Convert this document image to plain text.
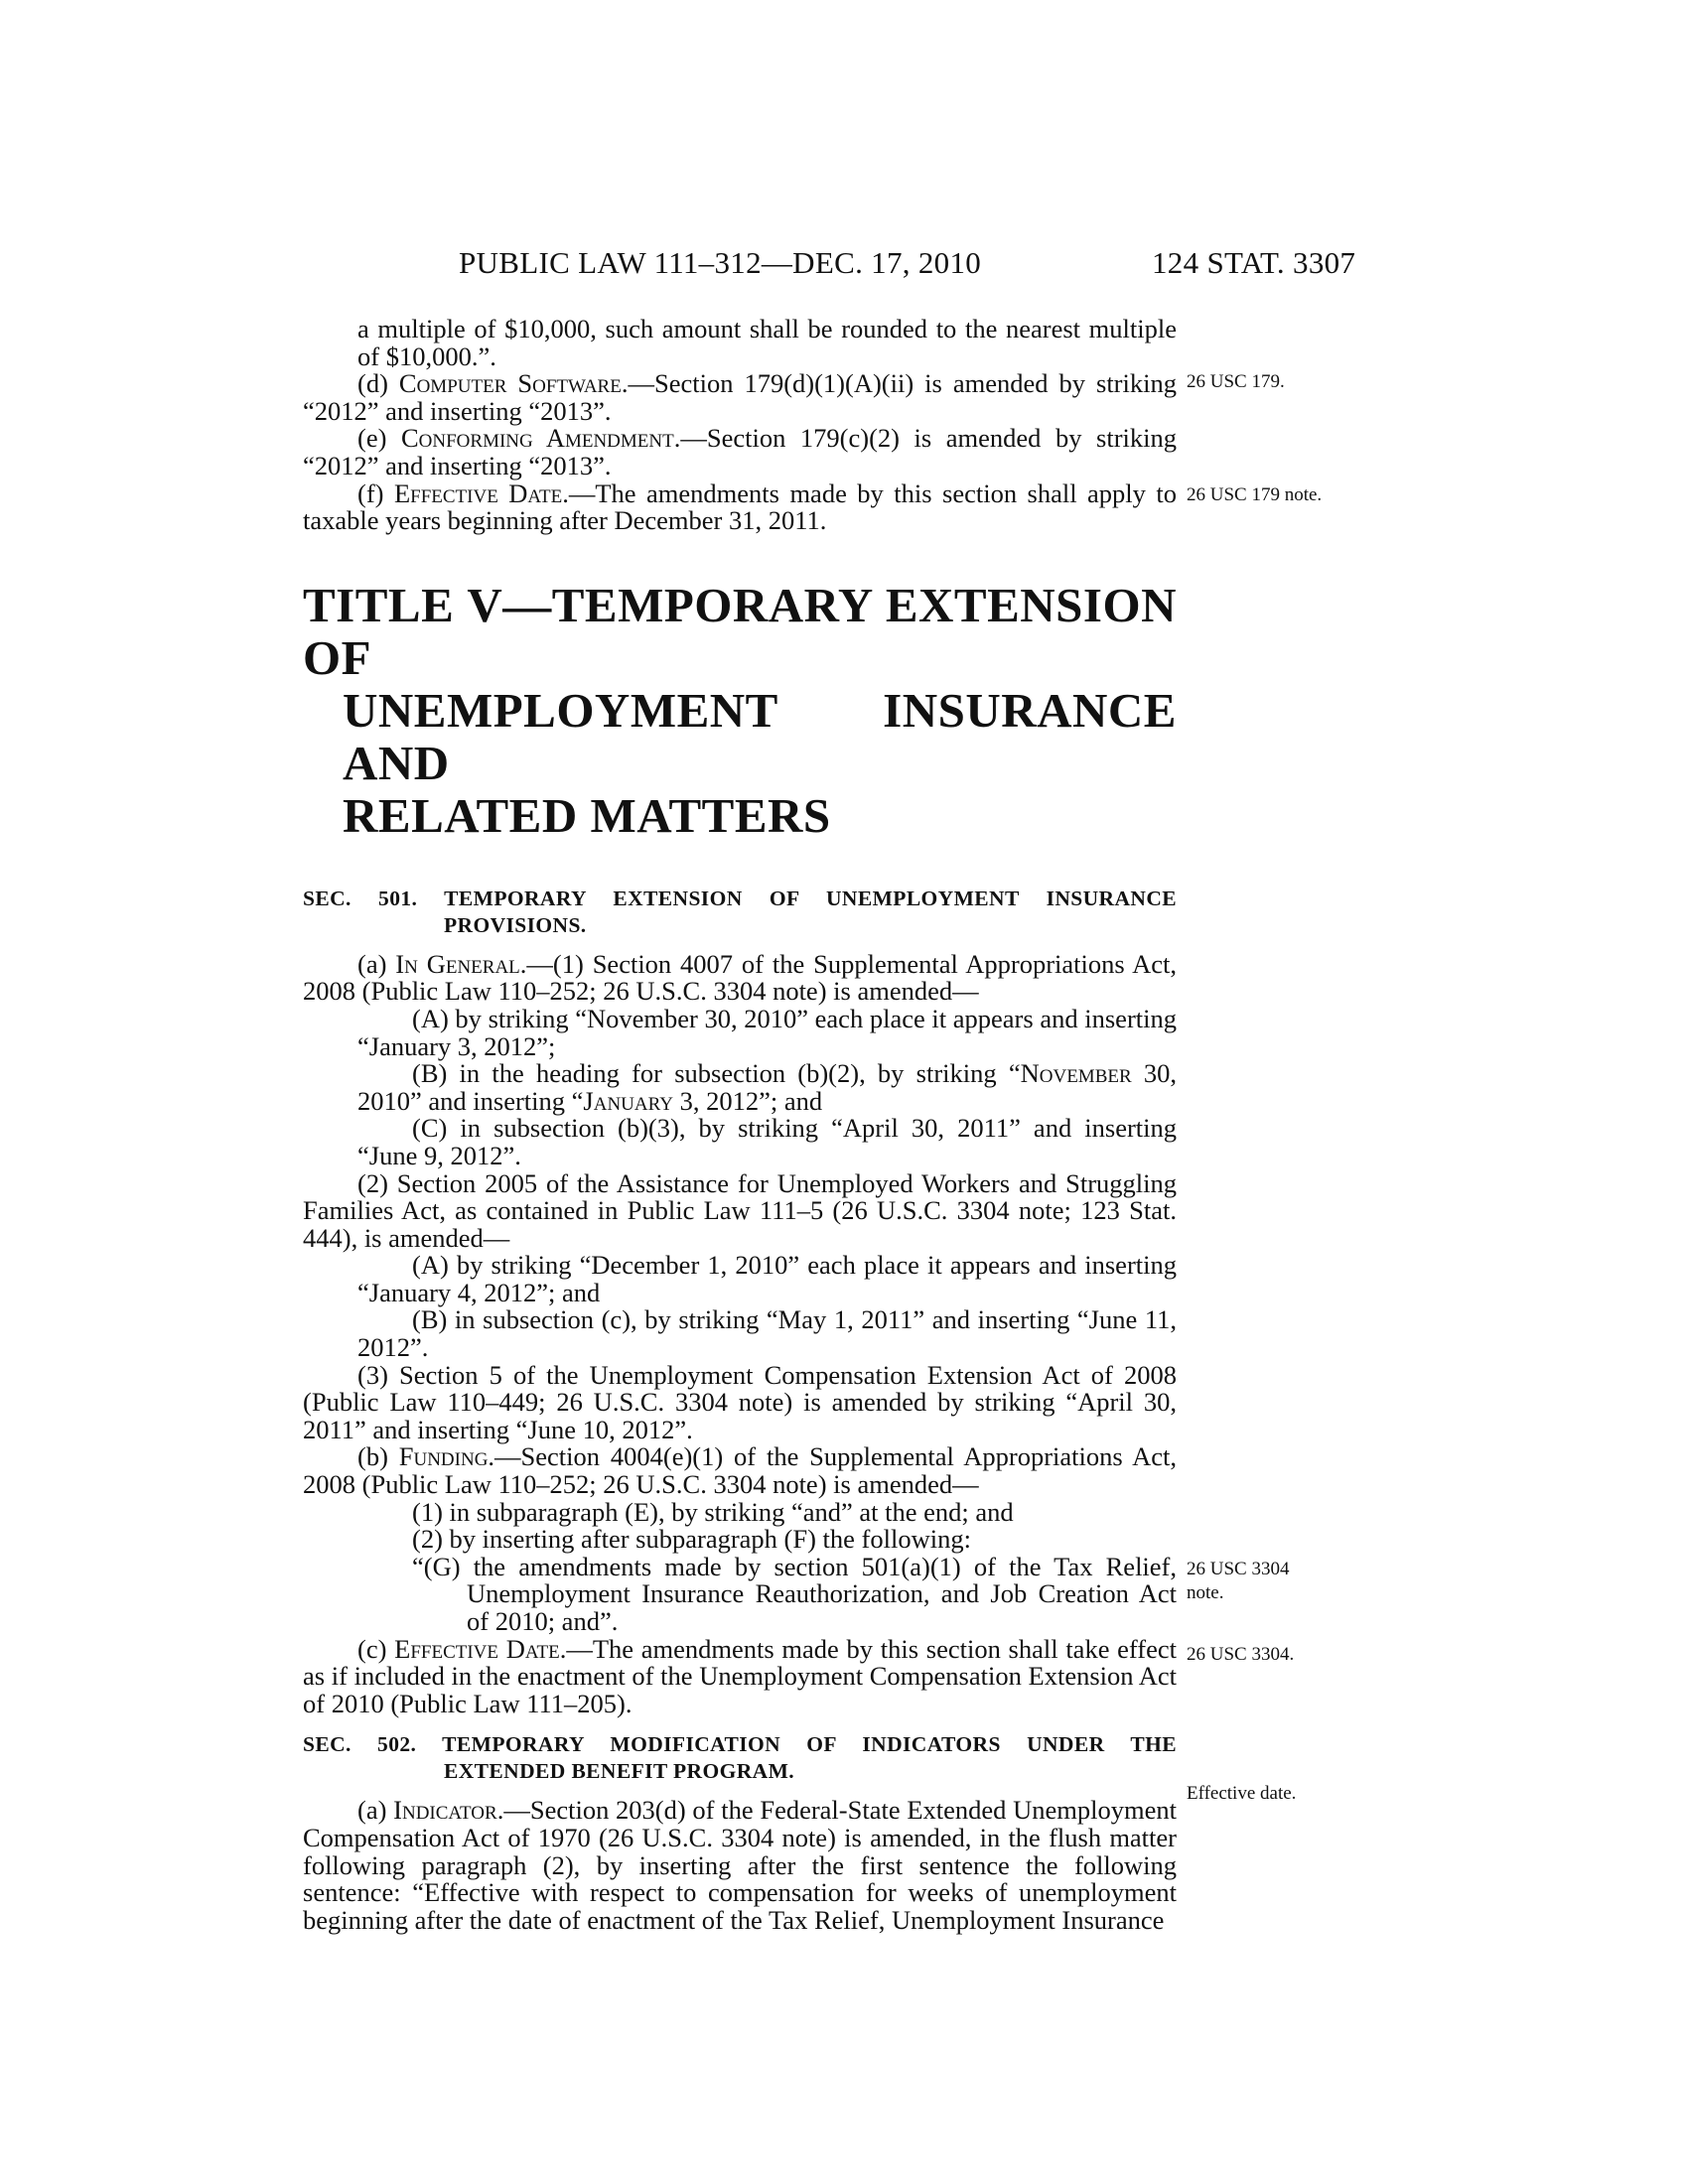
PUBLIC LAW 111–312—DEC. 17, 2010	124 STAT. 3307

a multiple of $10,000, such amount shall be rounded to the nearest multiple of $10,000.”.

(d) Computer Software.—Section 179(d)(1)(A)(ii) is amended by striking “2012” and inserting “2013”.

(e) Conforming Amendment.—Section 179(c)(2) is amended by striking “2012” and inserting “2013”.

(f) Effective Date.—The amendments made by this section shall apply to taxable years beginning after December 31, 2011.

TITLE V—TEMPORARY EXTENSION OF
UNEMPLOYMENT INSURANCE AND
RELATED MATTERS
SEC. 501. TEMPORARY EXTENSION OF UNEMPLOYMENT INSURANCE
PROVISIONS.

(a) In General.—(1) Section 4007 of the Supplemental Appropriations Act, 2008 (Public Law 110–252; 26 U.S.C. 3304 note) is amended—

(A) by striking “November 30, 2010” each place it appears and inserting “January 3, 2012”;

(B) in the heading for subsection (b)(2), by striking “November 30, 2010” and inserting “January 3, 2012”; and

(C) in subsection (b)(3), by striking “April 30, 2011” and inserting “June 9, 2012”.

(2) Section 2005 of the Assistance for Unemployed Workers and Struggling Families Act, as contained in Public Law 111–5 (26 U.S.C. 3304 note; 123 Stat. 444), is amended—

(A) by striking “December 1, 2010” each place it appears and inserting “January 4, 2012”; and

(B) in subsection (c), by striking “May 1, 2011” and inserting “June 11, 2012”.

(3) Section 5 of the Unemployment Compensation Extension Act of 2008 (Public Law 110–449; 26 U.S.C. 3304 note) is amended by striking “April 30, 2011” and inserting “June 10, 2012”.

(b) Funding.—Section 4004(e)(1) of the Supplemental Appropriations Act, 2008 (Public Law 110–252; 26 U.S.C. 3304 note) is amended—

(1) in subparagraph (E), by striking “and” at the end; and

(2) by inserting after subparagraph (F) the following:

“(G) the amendments made by section 501(a)(1) of the Tax Relief, Unemployment Insurance Reauthorization, and Job Creation Act of 2010; and”.

(c) Effective Date.—The amendments made by this section shall take effect as if included in the enactment of the Unemployment Compensation Extension Act of 2010 (Public Law 111–205).

SEC. 502. TEMPORARY MODIFICATION OF INDICATORS UNDER THE
EXTENDED BENEFIT PROGRAM.

(a) Indicator.—Section 203(d) of the Federal-State Extended Unemployment Compensation Act of 1970 (26 U.S.C. 3304 note) is amended, in the flush matter following paragraph (2), by inserting after the first sentence the following sentence: “Effective with respect to compensation for weeks of unemployment beginning after the date of enactment of the Tax Relief, Unemployment Insurance

26 USC 179.
26 USC 179 note.
26 USC 3304 note.
26 USC 3304.
Effective date.
